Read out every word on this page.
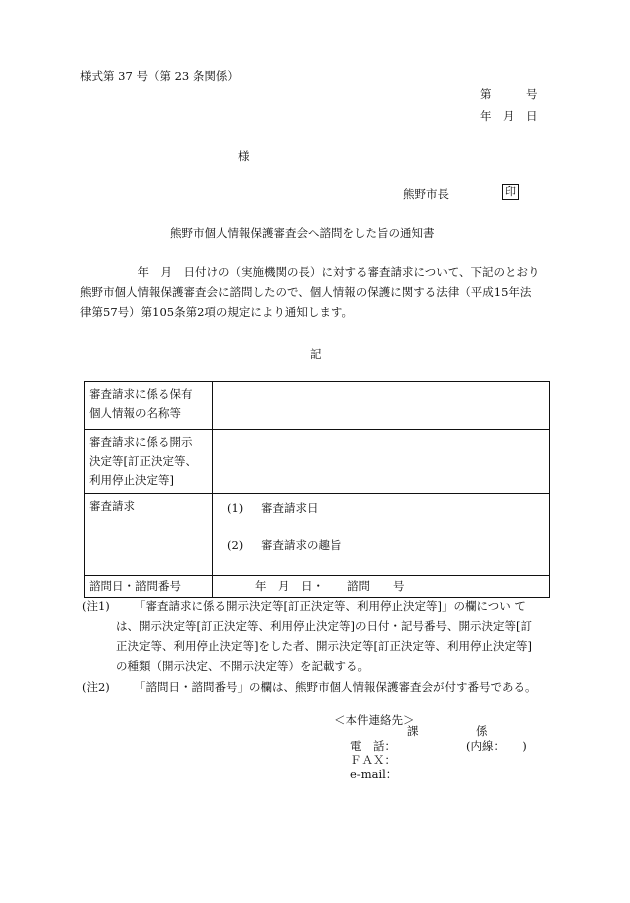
様式第 37 号（第 23 条関係）
第　　　号
年　月　日
様
熊野市長	印
熊野市個人情報保護審査会へ諮問をした旨の通知書
　年　月　日付けの（実施機関の長）に対する審査請求について、下記のとおり
熊野市個人情報保護審査会に諮問したので、個人情報の保護に関する法律（平成15年法
律第57号）第105条第2項の規定により通知します。
記
審査請求に係る保有
個人情報の名称等	

審査請求に係る開示
決定等[訂正決定等、
利用停止決定等]	

審査請求	(1) 審査請求日
(2) 審査請求の趣旨

諮問日・諮問番号	年　月　日・　　諮問　　号
(注1) 「審査請求に係る開示決定等[訂正決定等、利用停止決定等]」の欄につい て
は、開示決定等[訂正決定等、利用停止決定等]の日付・記号番号、開示決定等[訂
正決定等、利用停止決定等]をした者、開示決定等[訂正決定等、利用停止決定等]
の種類（開示決定、不開示決定等）を記載する。
(注2) 「諮問日・諮問番号」の欄は、熊野市個人情報保護審査会が付す番号である。
＜本件連絡先＞
課　　　　　係
電　話：	(内線：　　)
ＦＡＸ：
e-mail：
